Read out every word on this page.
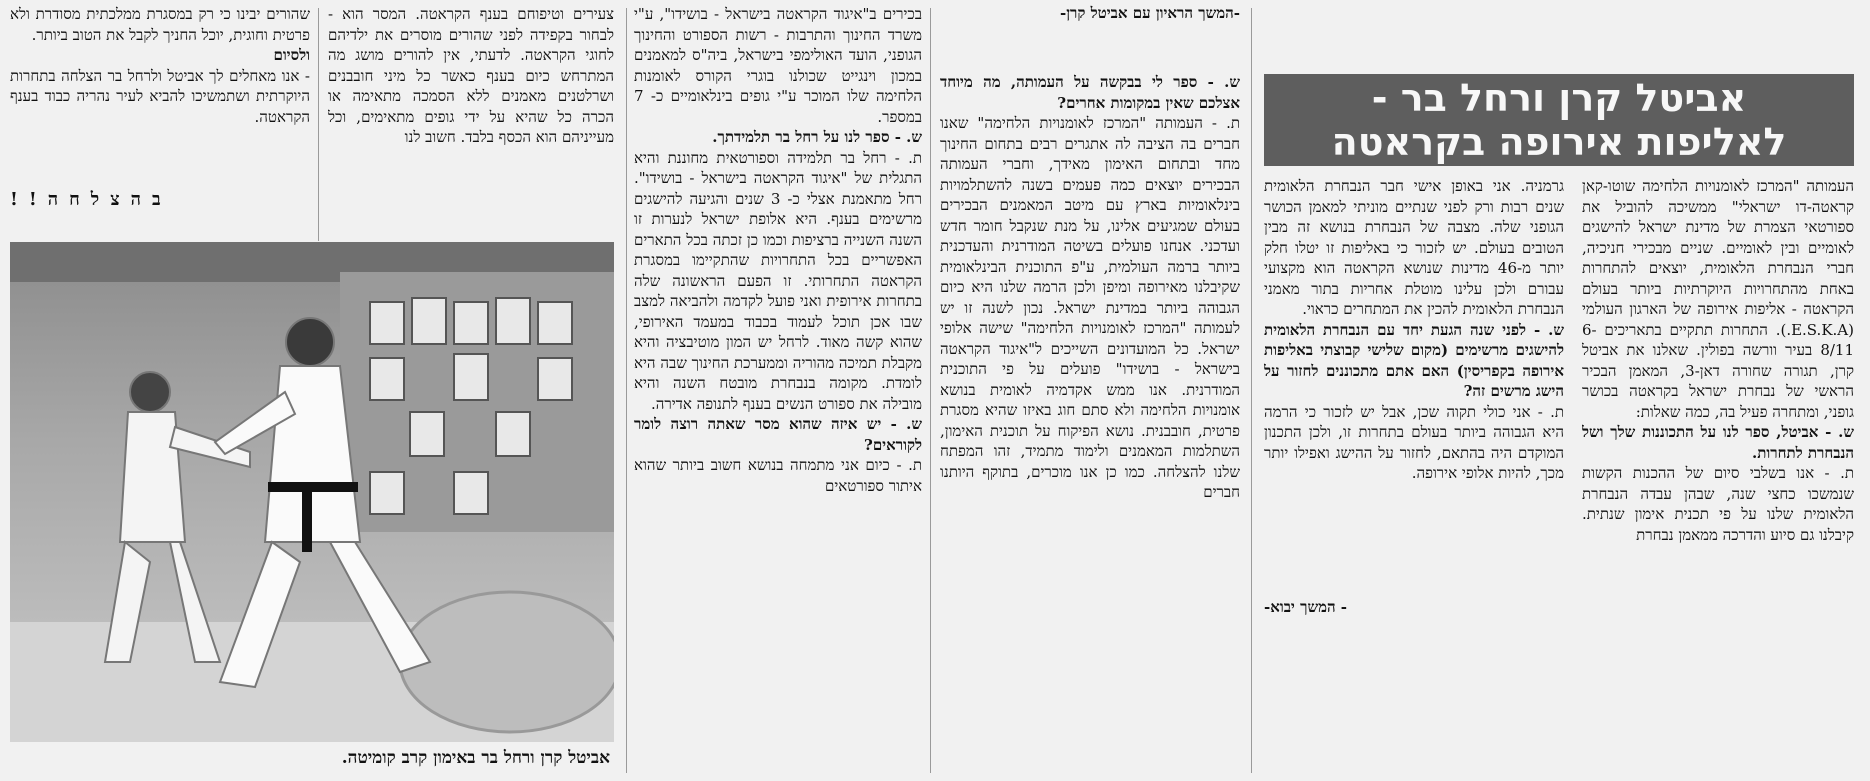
אביטל קרן ורחל בר -
לאליפות אירופה בקראטה
-המשך הראיון עם אביטל קרן-

העמותה "המרכז לאומנויות הלחימה שוטו-קאן קראטה-דו ישראלי" ממשיכה להוביל את ספורטאי הצמרת של מדינת ישראל להישגים לאומיים ובין לאומיים. שניים מבכירי חניכיה, חברי הנבחרת הלאומית, יוצאים להתחרות באחת מהתחרויות היוקרתיות ביותר בעולם הקראטה - אליפות אירופה של הארגון העולמי (E.S.K.A.). התחרות תתקיים בתאריכים 6-8/11 בעיר וורשה בפולין. שאלנו את אביטל קרן, תגורה שחורה דאן-3, המאמן הבכיר הראשי של נבחרת ישראל בקראטה בכושר גופני, ומתחרה פעיל בה, כמה שאלות:

ש. - אביטל, ספר לנו על התכוננות שלך ושל הנבחרת לתחרות.

ת. - אנו בשלבי סיום של ההכנות הקשות שנמשכו כחצי שנה, שבהן עבדה הנבחרת הלאומית שלנו על פי תכנית אימון שנתית. קיבלנו גם סיוע והדרכה ממאמן נבחרת

גרמניה. אני באופן אישי חבר הנבחרת הלאומית שנים רבות ורק לפני שנתיים מוניתי למאמן הכושר הגופני שלה. מצבה של הנבחרת בנושא זה מבין הטובים בעולם. יש לזכור כי באליפות זו יטלו חלק יותר מ-46 מדינות שנושא הקראטה הוא מקצועי עבורם ולכן עלינו מוטלת אחריות בתור מאמני הנבחרת הלאומית להכין את המתחרים כראוי.

ש. - לפני שנה הגעת יחד עם הנבחרת הלאומית להישגים מרשימים (מקום שלישי קבוצתי באליפות אירופה בקפריסין) האם אתם מתכוננים לחזור על הישג מרשים זה?

ת. - אני כולי תקוה שכן, אבל יש לזכור כי הרמה היא הגבוהה ביותר בעולם בתחרות זו, ולכן התכנון המוקדם היה בהתאם, לחזור על ההישג ואפילו יותר מכך, להיות אלופי אירופה.

ש. - ספר לי בבקשה על העמותה, מה מיוחד אצלכם שאין במקומות אחרים?

ת. - העמותה "המרכז לאומנויות הלחימה" שאנו חברים בה הציבה לה אתגרים רבים בתחום החינוך מחד ובתחום האימון מאידך, וחברי העמותה הבכירים יוצאים כמה פעמים בשנה להשתלמויות בינלאומיות בארץ עם מיטב המאמנים הבכירים בעולם שמגיעים אלינו, על מנת שנקבל חומר חדש ועדכני. אנחנו פועלים בשיטה המודרנית והעדכנית ביותר ברמה העולמית, ע"פ התוכנית הבינלאומית שקיבלנו מאירופה ומיפן ולכן הרמה שלנו היא כיום הגבוהה ביותר במדינת ישראל. נכון לשנה זו יש לעמותה "המרכז לאומנויות הלחימה" שישה אלופי ישראל. כל המועדונים השייכים ל"איגוד הקראטה בישראל - בושידו" פועלים על פי התוכנית המודרנית. אנו ממש אקדמיה לאומית בנושא אומנויות הלחימה ולא סתם חוג באיזו שהיא מסגרת פרטית, חובבנית. נושא הפיקוח על תוכנית האימון, השתלמות המאמנים ולימוד מתמיד, זהו המפתח שלנו להצלחה. כמו כן אנו מוכרים, בתוקף היותנו חברים

בכירים ב"איגוד הקראטה בישראל - בושידו", ע"י משרד החינוך והתרבות - רשות הספורט והחינוך הגופני, הועד האולימפי בישראל, ביה"ס למאמנים במכון וינגייט שכולנו בוגרי הקורס לאומנות הלחימה שלו המוכר ע"י גופים בינלאומיים כ- 7 במספר.

ש. - ספר לנו על רחל בר תלמידתך.

ת. - רחל בר תלמידה וספורטאית מחוננת והיא התגלית של "איגוד הקראטה בישראל - בושידו". רחל מתאמנת אצלי כ- 3 שנים והגיעה להישגים מרשימים בענף. היא אלופת ישראל לנערות זו השנה השנייה ברציפות וכמו כן זכתה בכל התארים האפשריים בכל התחרויות שהתקיימו במסגרת הקראטה התחרותי. זו הפעם הראשונה שלה בתחרות אירופית ואני פועל לקדמה ולהביאה למצב שבו אכן תוכל לעמוד בכבוד במעמד האירופי, שהוא קשה מאוד. לרחל יש המון מוטיבציה והיא מקבלת תמיכה מהוריה וממערכת החינוך שבה היא לומדת. מקומה בנבחרת מובטח השנה והיא מובילה את ספורט הנשים בענף לתנופה אדירה.

ש. - יש איזה שהוא מסר שאתה רוצה לומר לקוראים?

ת. - כיום אני מתמחה בנושא חשוב ביותר שהוא איתור ספורטאים

צעירים וטיפוחם בענף הקראטה. המסר הוא - לבחור בקפידה לפני שהורים מוסרים את ילדיהם לחוגי הקראטה. לדעתי, אין להורים מושג מה המתרחש כיום בענף כאשר כל מיני חובבנים ושרלטנים מאמנים ללא הסמכה מתאימה או הכרה כל שהיא על ידי גופים מתאימים, וכל מעייניהם הוא הכסף בלבד. חשוב לנו

שהורים יבינו כי רק במסגרת ממלכתית מסודרת ולא פרטית וחוגית, יוכל החניך לקבל את הטוב ביותר.

ולסיום

- אנו מאחלים לך אביטל ולרחל בר הצלחה בתחרות היוקרתית ושתמשיכו להביא לעיר נהריה כבוד בענף הקראטה.

- המשך יבוא-
בהצלחה!!
אביטל קרן ורחל בר באימון קרב קומיטה.
